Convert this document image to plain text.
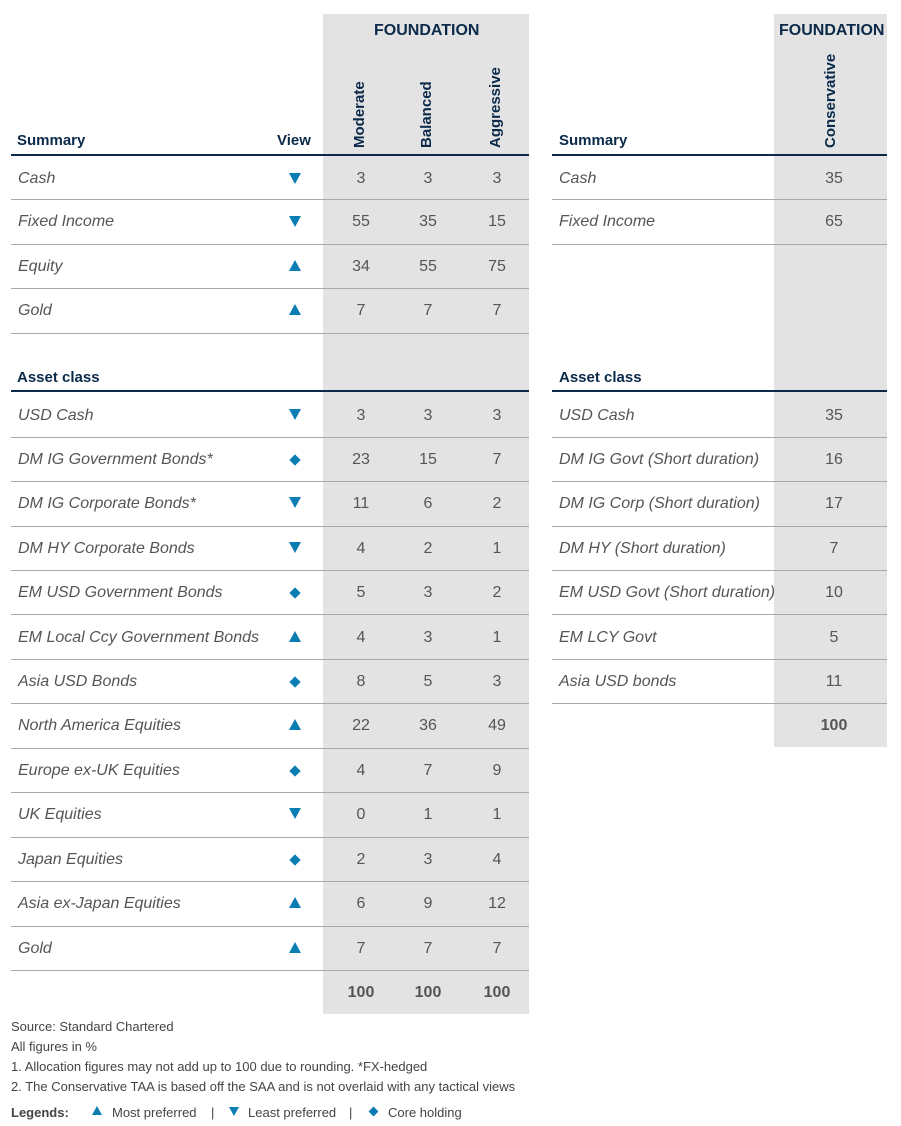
FOUNDATION
Moderate	Balanced	Aggressive
Summary	View
FOUNDATION
Conservative
Summary
Cash	3	3	3
Fixed Income	55	35	15
Equity	34	55	75
Gold	7	7	7
Cash	35
Fixed Income	65
Asset class	Asset class
USD Cash	3	3	3
DM IG Government Bonds*	23	15	7
DM IG Corporate Bonds*	11	6	2
DM HY Corporate Bonds	4	2	1
EM USD Government Bonds	5	3	2
EM Local Ccy Government Bonds	4	3	1
Asia USD Bonds	8	5	3
North America Equities	22	36	49
Europe ex-UK Equities	4	7	9
UK Equities	0	1	1
Japan Equities	2	3	4
Asia ex-Japan Equities	6	9	12
Gold	7	7	7
100	100	100
USD Cash	35
DM IG Govt (Short duration)	16
DM IG Corp (Short duration)	17
DM HY (Short duration)	7
EM USD Govt (Short duration)	10
EM LCY Govt	5
Asia USD bonds	11
100
Source: Standard Chartered
All figures in %
1. Allocation figures may not add up to 100 due to rounding. *FX-hedged
2. The Conservative TAA is based off the SAA and is not overlaid with any tactical views
Legends:	Most preferred |	Least preferred |	Core holding
